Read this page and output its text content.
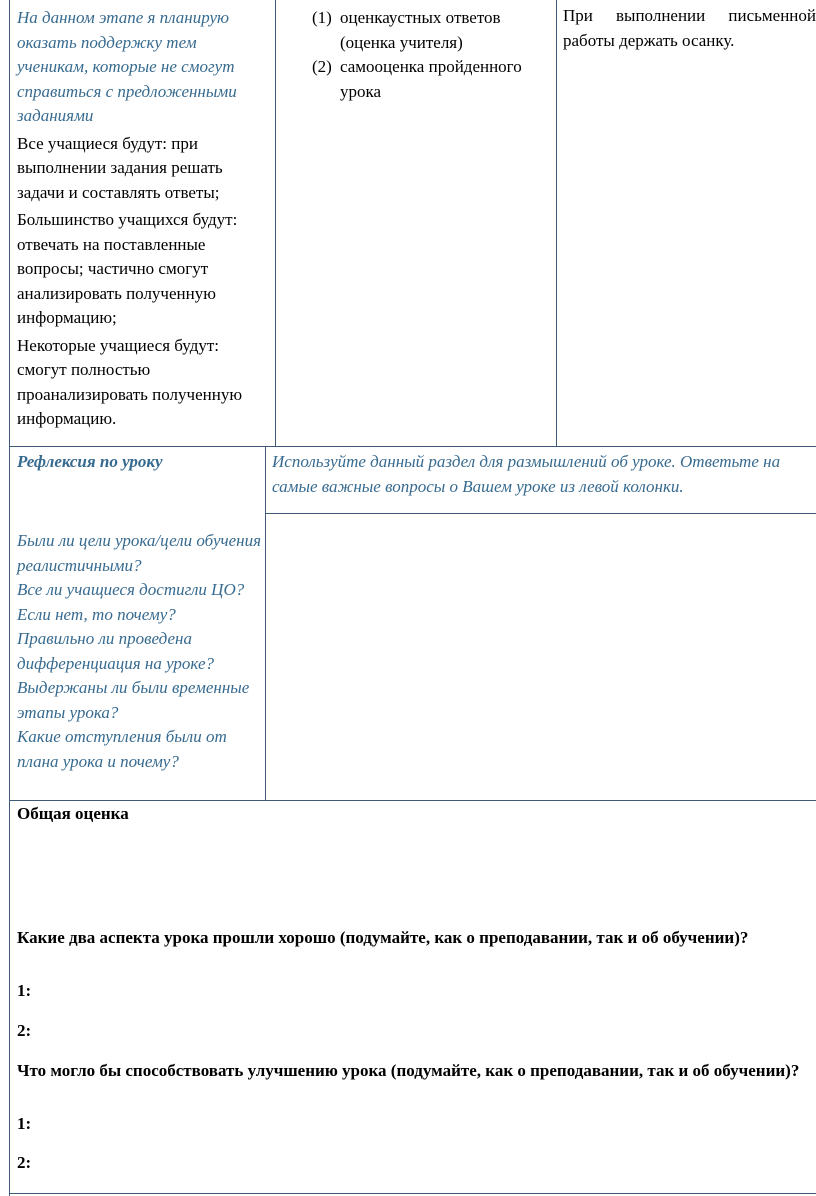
На данном этапе я планирую оказать поддержку тем ученикам, которые не смогут справиться с предложенными заданиями

Все учащиеся будут: при выполнении задания решать задачи и составлять ответы;

Большинство учащихся будут: отвечать на поставленные вопросы; частично смогут анализировать полученную информацию;

Некоторые учащиеся будут: смогут полностью проанализировать полученную информацию.

(1) оценкаустных ответов (оценка учителя)
(2) самооценка пройденного урока

При выполнении письменной работы держать осанку.

Рефлексия по уроку	Используйте данный раздел для размышлений об уроке. Ответьте на самые важные вопросы о Вашем уроке из левой колонки.

Были ли цели урока/цели обучения реалистичными?

Все ли учащиеся достигли ЦО?

Если нет, то почему?

Правильно ли проведена дифференциация на уроке?

Выдержаны ли были временные этапы урока?

Какие отступления были от плана урока и почему?

Общая оценка
Какие два аспекта урока прошли хорошо (подумайте, как о преподавании, так и об обучении)?
1:
2:
Что могло бы способствовать улучшению урока (подумайте, как о преподавании, так и об обучении)?
1:
2:
